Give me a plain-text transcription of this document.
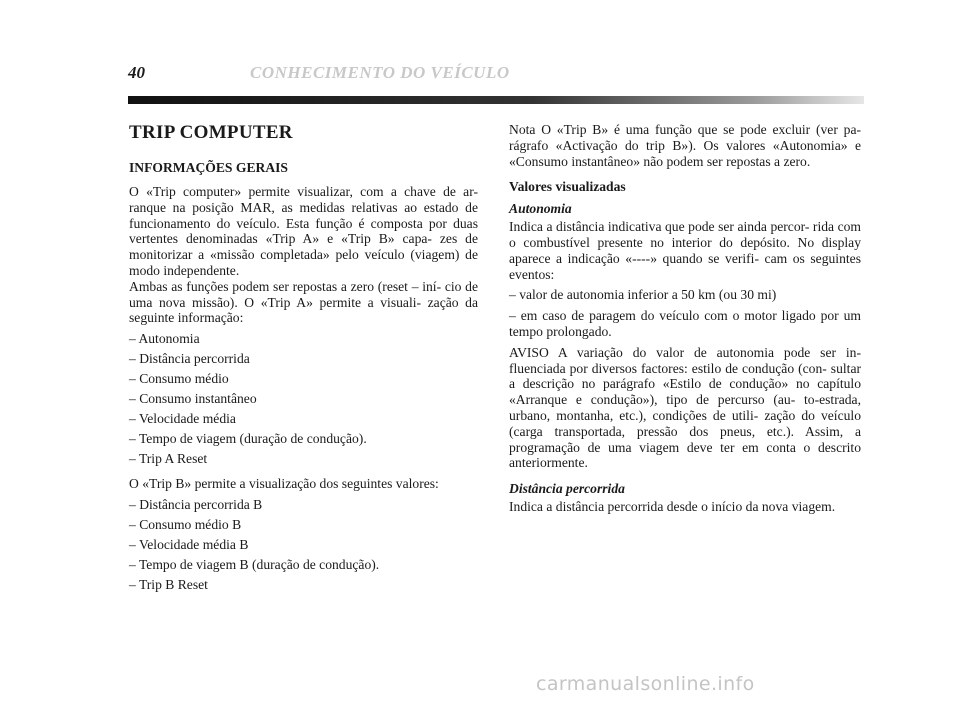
40	CONHECIMENTO DO VEÍCULO
TRIP COMPUTER
INFORMAÇÕES GERAIS

O «Trip computer» permite visualizar, com a chave de ar- ranque na posição MAR, as medidas relativas ao estado de funcionamento do veículo. Esta função é composta por duas vertentes denominadas «Trip A» e «Trip B» capa- zes de monitorizar a «missão completada» pelo veículo (viagem) de modo independente.

Ambas as funções podem ser repostas a zero (reset – iní- cio de uma nova missão). O «Trip A» permite a visuali- zação da seguinte informação:

– Autonomia
– Distância percorrida
– Consumo médio
– Consumo instantâneo
– Velocidade média
– Tempo de viagem (duração de condução).
– Trip A Reset

O «Trip B» permite a visualização dos seguintes valores:

– Distância percorrida B
– Consumo médio B
– Velocidade média B
– Tempo de viagem B (duração de condução).
– Trip B Reset

Nota O «Trip B» é uma função que se pode excluir (ver pa- rágrafo «Activação do trip B»). Os valores «Autonomia» e «Consumo instantâneo» não podem ser repostas a zero.

Valores visualizadas
Autonomia

Indica a distância indicativa que pode ser ainda percor- rida com o combustível presente no interior do depósito. No display aparece a indicação «----» quando se verifi- cam os seguintes eventos:

– valor de autonomia inferior a 50 km (ou 30 mi)

– em caso de paragem do veículo com o motor ligado por um tempo prolongado.

AVISO A variação do valor de autonomia pode ser in- fluenciada por diversos factores: estilo de condução (con- sultar a descrição no parágrafo «Estilo de condução» no capítulo «Arranque e condução»), tipo de percurso (au- to-estrada, urbano, montanha, etc.), condições de utili- zação do veículo (carga transportada, pressão dos pneus, etc.). Assim, a programação de uma viagem deve ter em conta o descrito anteriormente.

Distância percorrida

Indica a distância percorrida desde o início da nova viagem.

carmanualsonline.info
